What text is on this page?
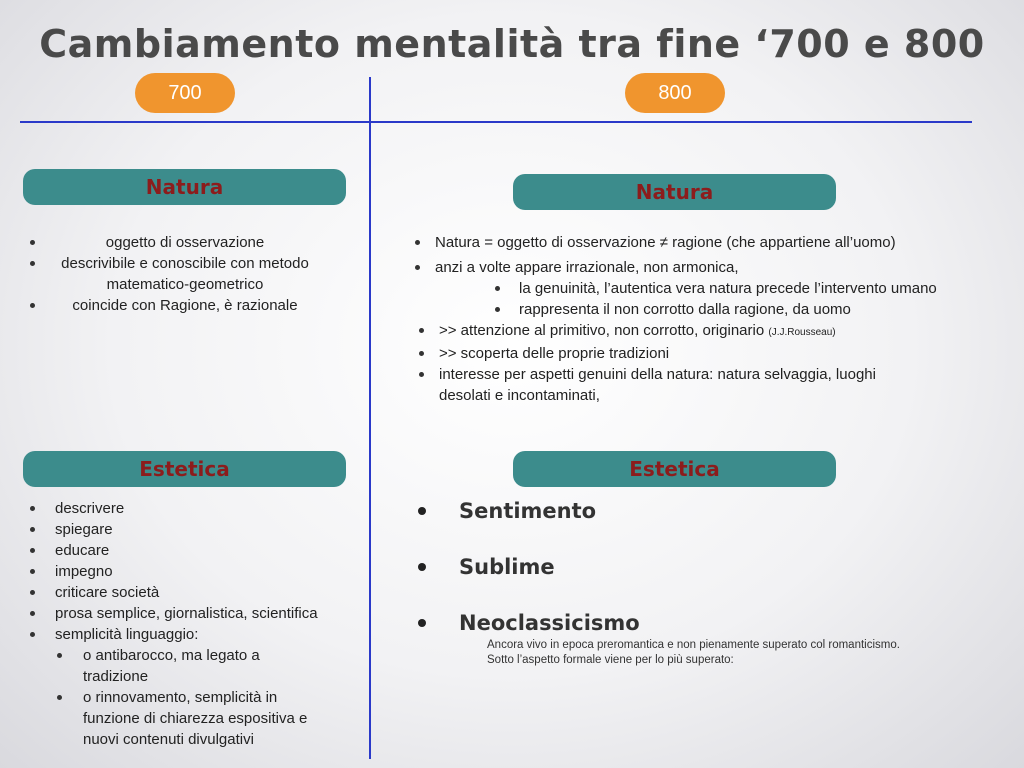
Cambiamento mentalità tra fine ‘700 e 800
700	800
Natura
oggetto di osservazione
descrivibile e conoscibile con metodo matematico-geometrico
coincide con Ragione, è razionale
Natura
Natura = oggetto di osservazione ≠ ragione (che appartiene all’uomo)
anzi a volte appare irrazionale, non armonica,
la genuinità, l’autentica vera natura precede l’intervento umano
rappresenta il non corrotto dalla ragione, da uomo
>> attenzione al primitivo, non corrotto, originario (J.J.Rousseau)
>> scoperta delle proprie tradizioni
interesse per aspetti genuini della natura: natura selvaggia, luoghi desolati e incontaminati,
Estetica
descrivere
spiegare
educare
impegno
criticare società
prosa semplice, giornalistica, scientifica
semplicità linguaggio:
o antibarocco, ma legato a tradizione
o rinnovamento, semplicità in funzione di chiarezza espositiva e nuovi contenuti divulgativi
Estetica
Sentimento
Sublime
Neoclassicismo
Ancora vivo in epoca preromantica e non pienamente superato col romanticismo.
Sotto l’aspetto formale viene per lo più superato:
